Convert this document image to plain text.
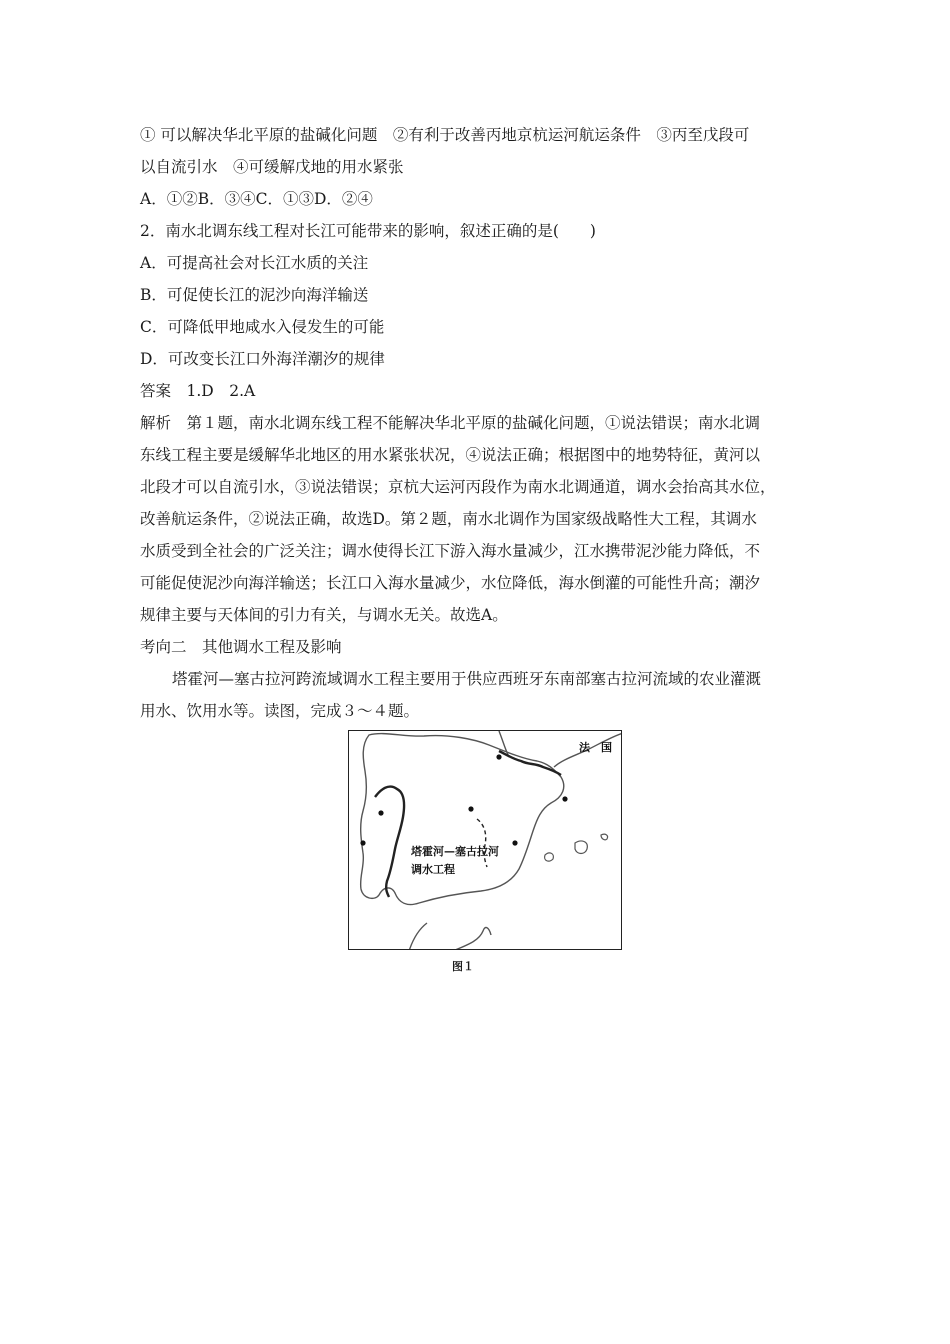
① 可以解决华北平原的盐碱化问题　②有利于改善丙地京杭运河航运条件　③丙至戊段可
以自流引水　④可缓解戊地的用水紧张
A．①②B．③④C．①③D．②④
2．南水北调东线工程对长江可能带来的影响，叙述正确的是(　　)
A．可提高社会对长江水质的关注
B．可促使长江的泥沙向海洋输送
C．可降低甲地咸水入侵发生的可能
D．可改变长江口外海洋潮汐的规律
答案　1.D　2.A
解析　第１题，南水北调东线工程不能解决华北平原的盐碱化问题，①说法错误；南水北调
东线工程主要是缓解华北地区的用水紧张状况，④说法正确；根据图中的地势特征，黄河以
北段才可以自流引水，③说法错误；京杭大运河丙段作为南水北调通道，调水会抬高其水位，
改善航运条件，②说法正确，故选D。第２题，南水北调作为国家级战略性大工程，其调水
水质受到全社会的广泛关注；调水使得长江下游入海水量减少，江水携带泥沙能力降低，不
可能促使泥沙向海洋输送；长江口入海水量减少，水位降低，海水倒灌的可能性升高；潮汐
规律主要与天体间的引力有关，与调水无关。故选A。
考向二　其他调水工程及影响
塔霍河—塞古拉河跨流域调水工程主要用于供应西班牙东南部塞古拉河流域的农业灌溉
用水、饮用水等。读图，完成３～４题。
法　国
塔霍河—塞古拉河
调水工程
图１
